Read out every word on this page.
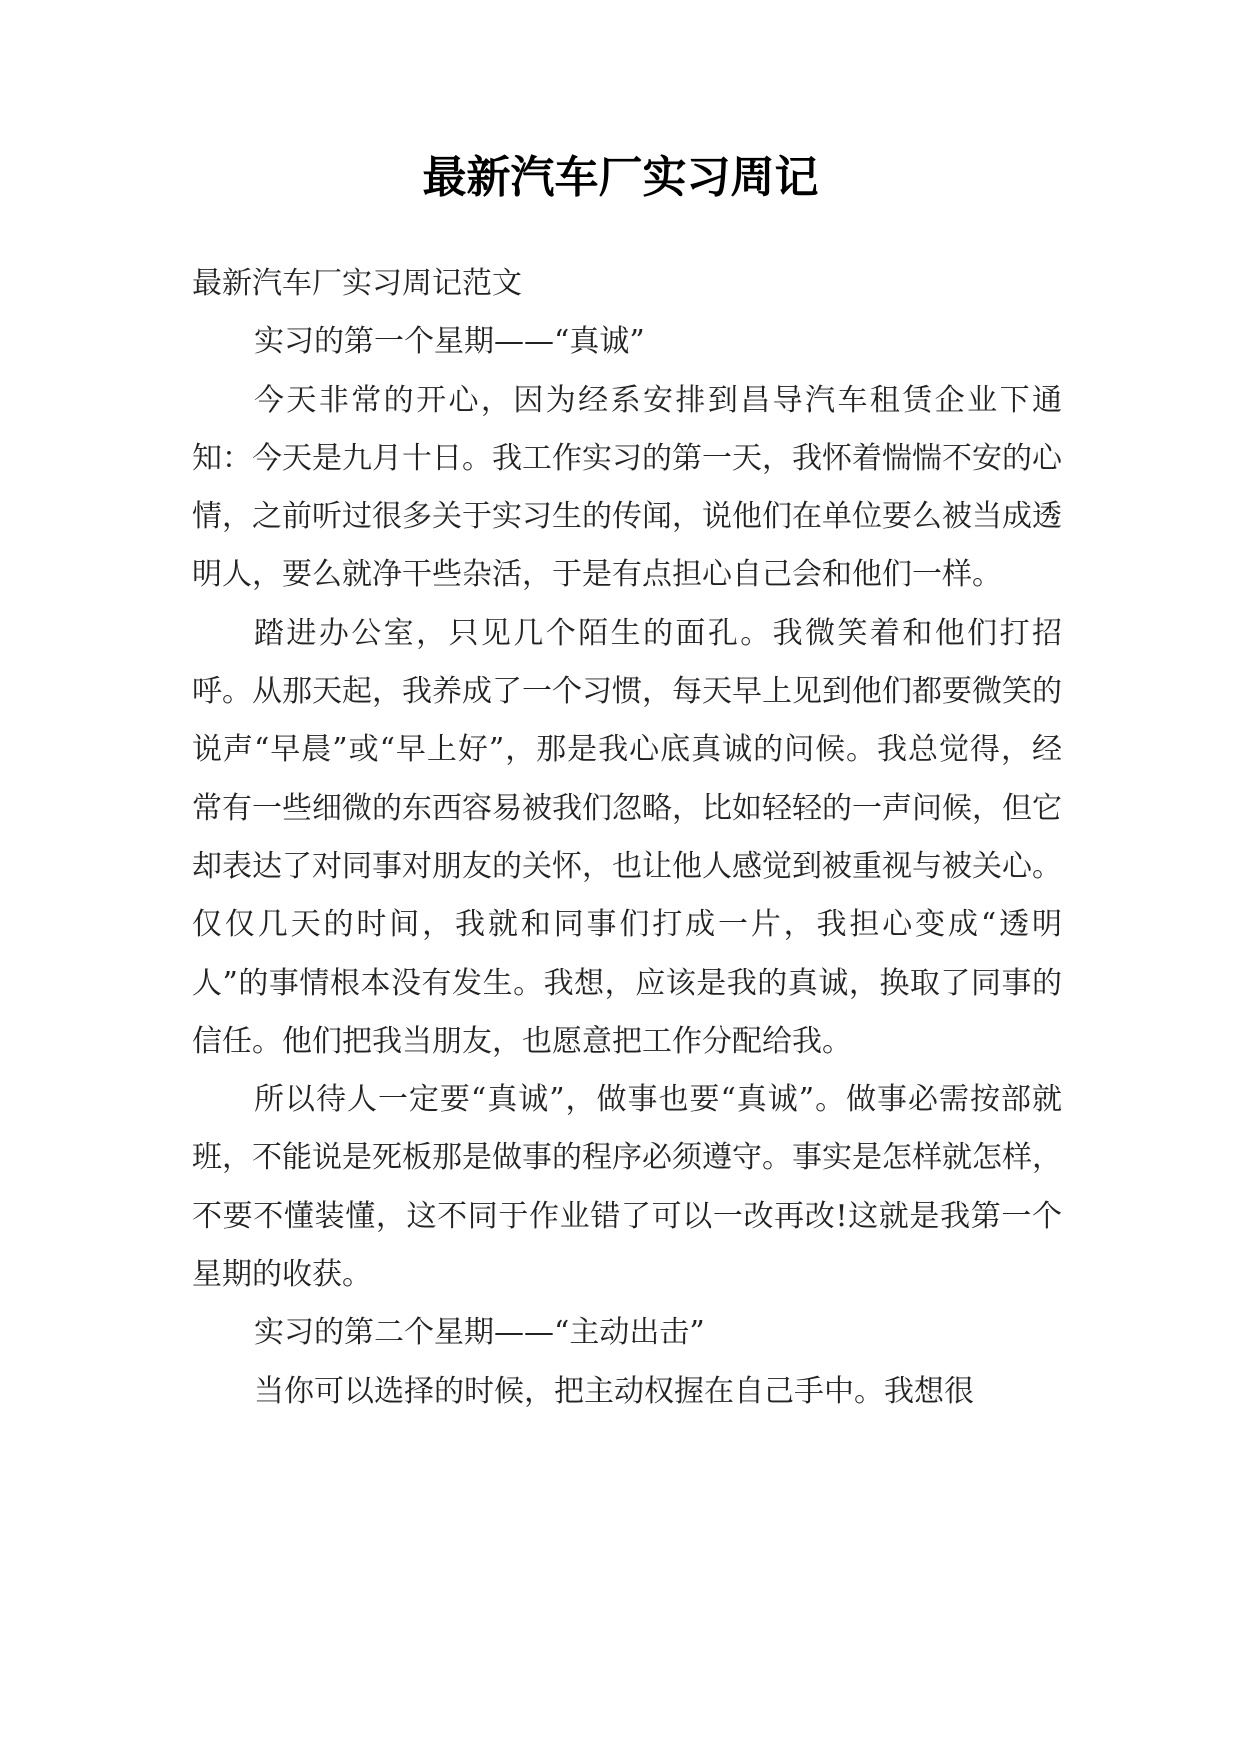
最新汽车厂实习周记

最新汽车厂实习周记范文

实习的第一个星期——“真诚”

今天非常的开心，因为经系安排到昌导汽车租赁企业下通知：今天是九月十日。我工作实习的第一天，我怀着惴惴不安的心情，之前听过很多关于实习生的传闻，说他们在单位要么被当成透明人，要么就净干些杂活，于是有点担心自己会和他们一样。

踏进办公室，只见几个陌生的面孔。我微笑着和他们打招呼。从那天起，我养成了一个习惯，每天早上见到他们都要微笑的说声“早晨”或“早上好”，那是我心底真诚的问候。我总觉得，经常有一些细微的东西容易被我们忽略，比如轻轻的一声问候，但它却表达了对同事对朋友的关怀，也让他人感觉到被重视与被关心。仅仅几天的时间，我就和同事们打成一片，我担心变成“透明人”的事情根本没有发生。我想，应该是我的真诚，换取了同事的信任。他们把我当朋友，也愿意把工作分配给我。

所以待人一定要“真诚”，做事也要“真诚”。做事必需按部就班，不能说是死板那是做事的程序必须遵守。事实是怎样就怎样，不要不懂装懂，这不同于作业错了可以一改再改!这就是我第一个星期的收获。

实习的第二个星期——“主动出击”

当你可以选择的时候，把主动权握在自己手中。我想很
